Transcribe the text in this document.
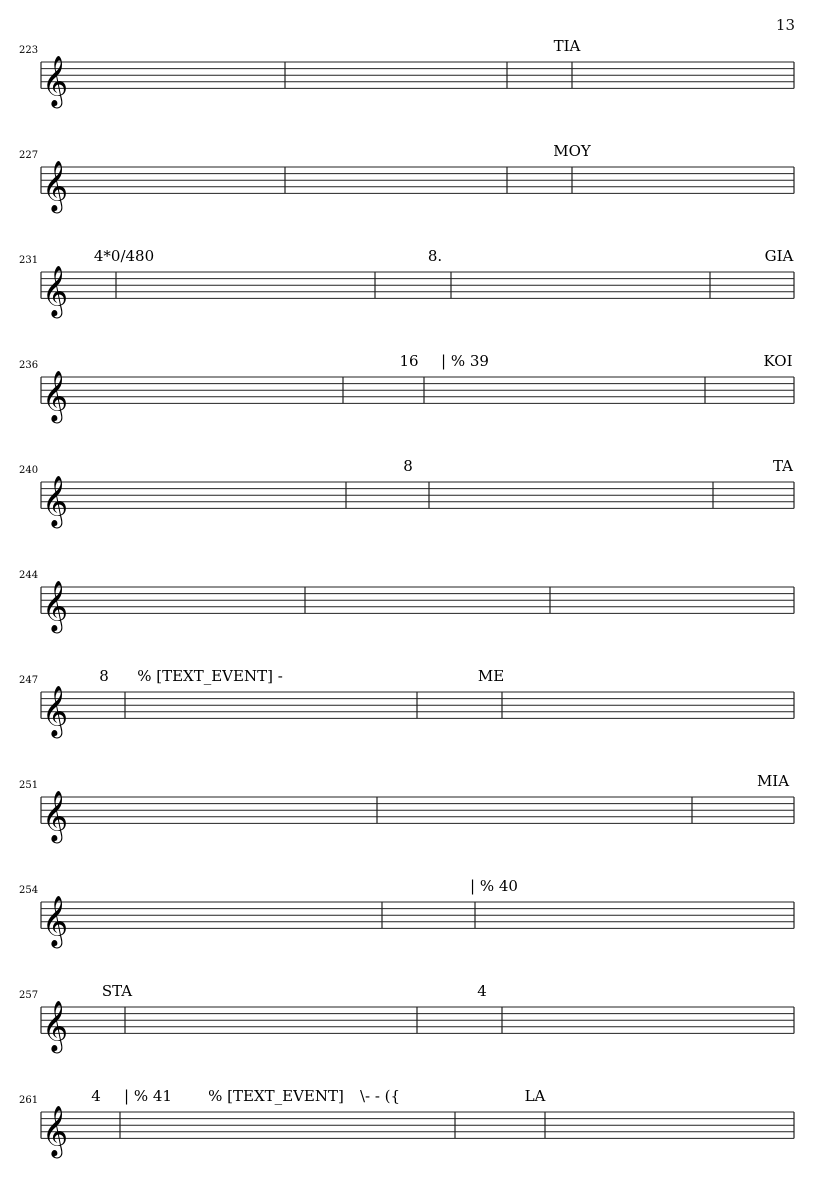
13
𝄞
223	TIA
𝄞
227	MOY
𝄞
231	4*0/480	8.	GIA
𝄞
236	16 | % 39	KOI
𝄞
240	8	TA
𝄞
244
𝄞
247	8 % [TEXT_EVENT] -	ME
𝄞
251	MIA
𝄞
254	| % 40
𝄞
257	STA	4
𝄞
261	4 | % 41 % [TEXT_EVENT] \- - ({	LA
